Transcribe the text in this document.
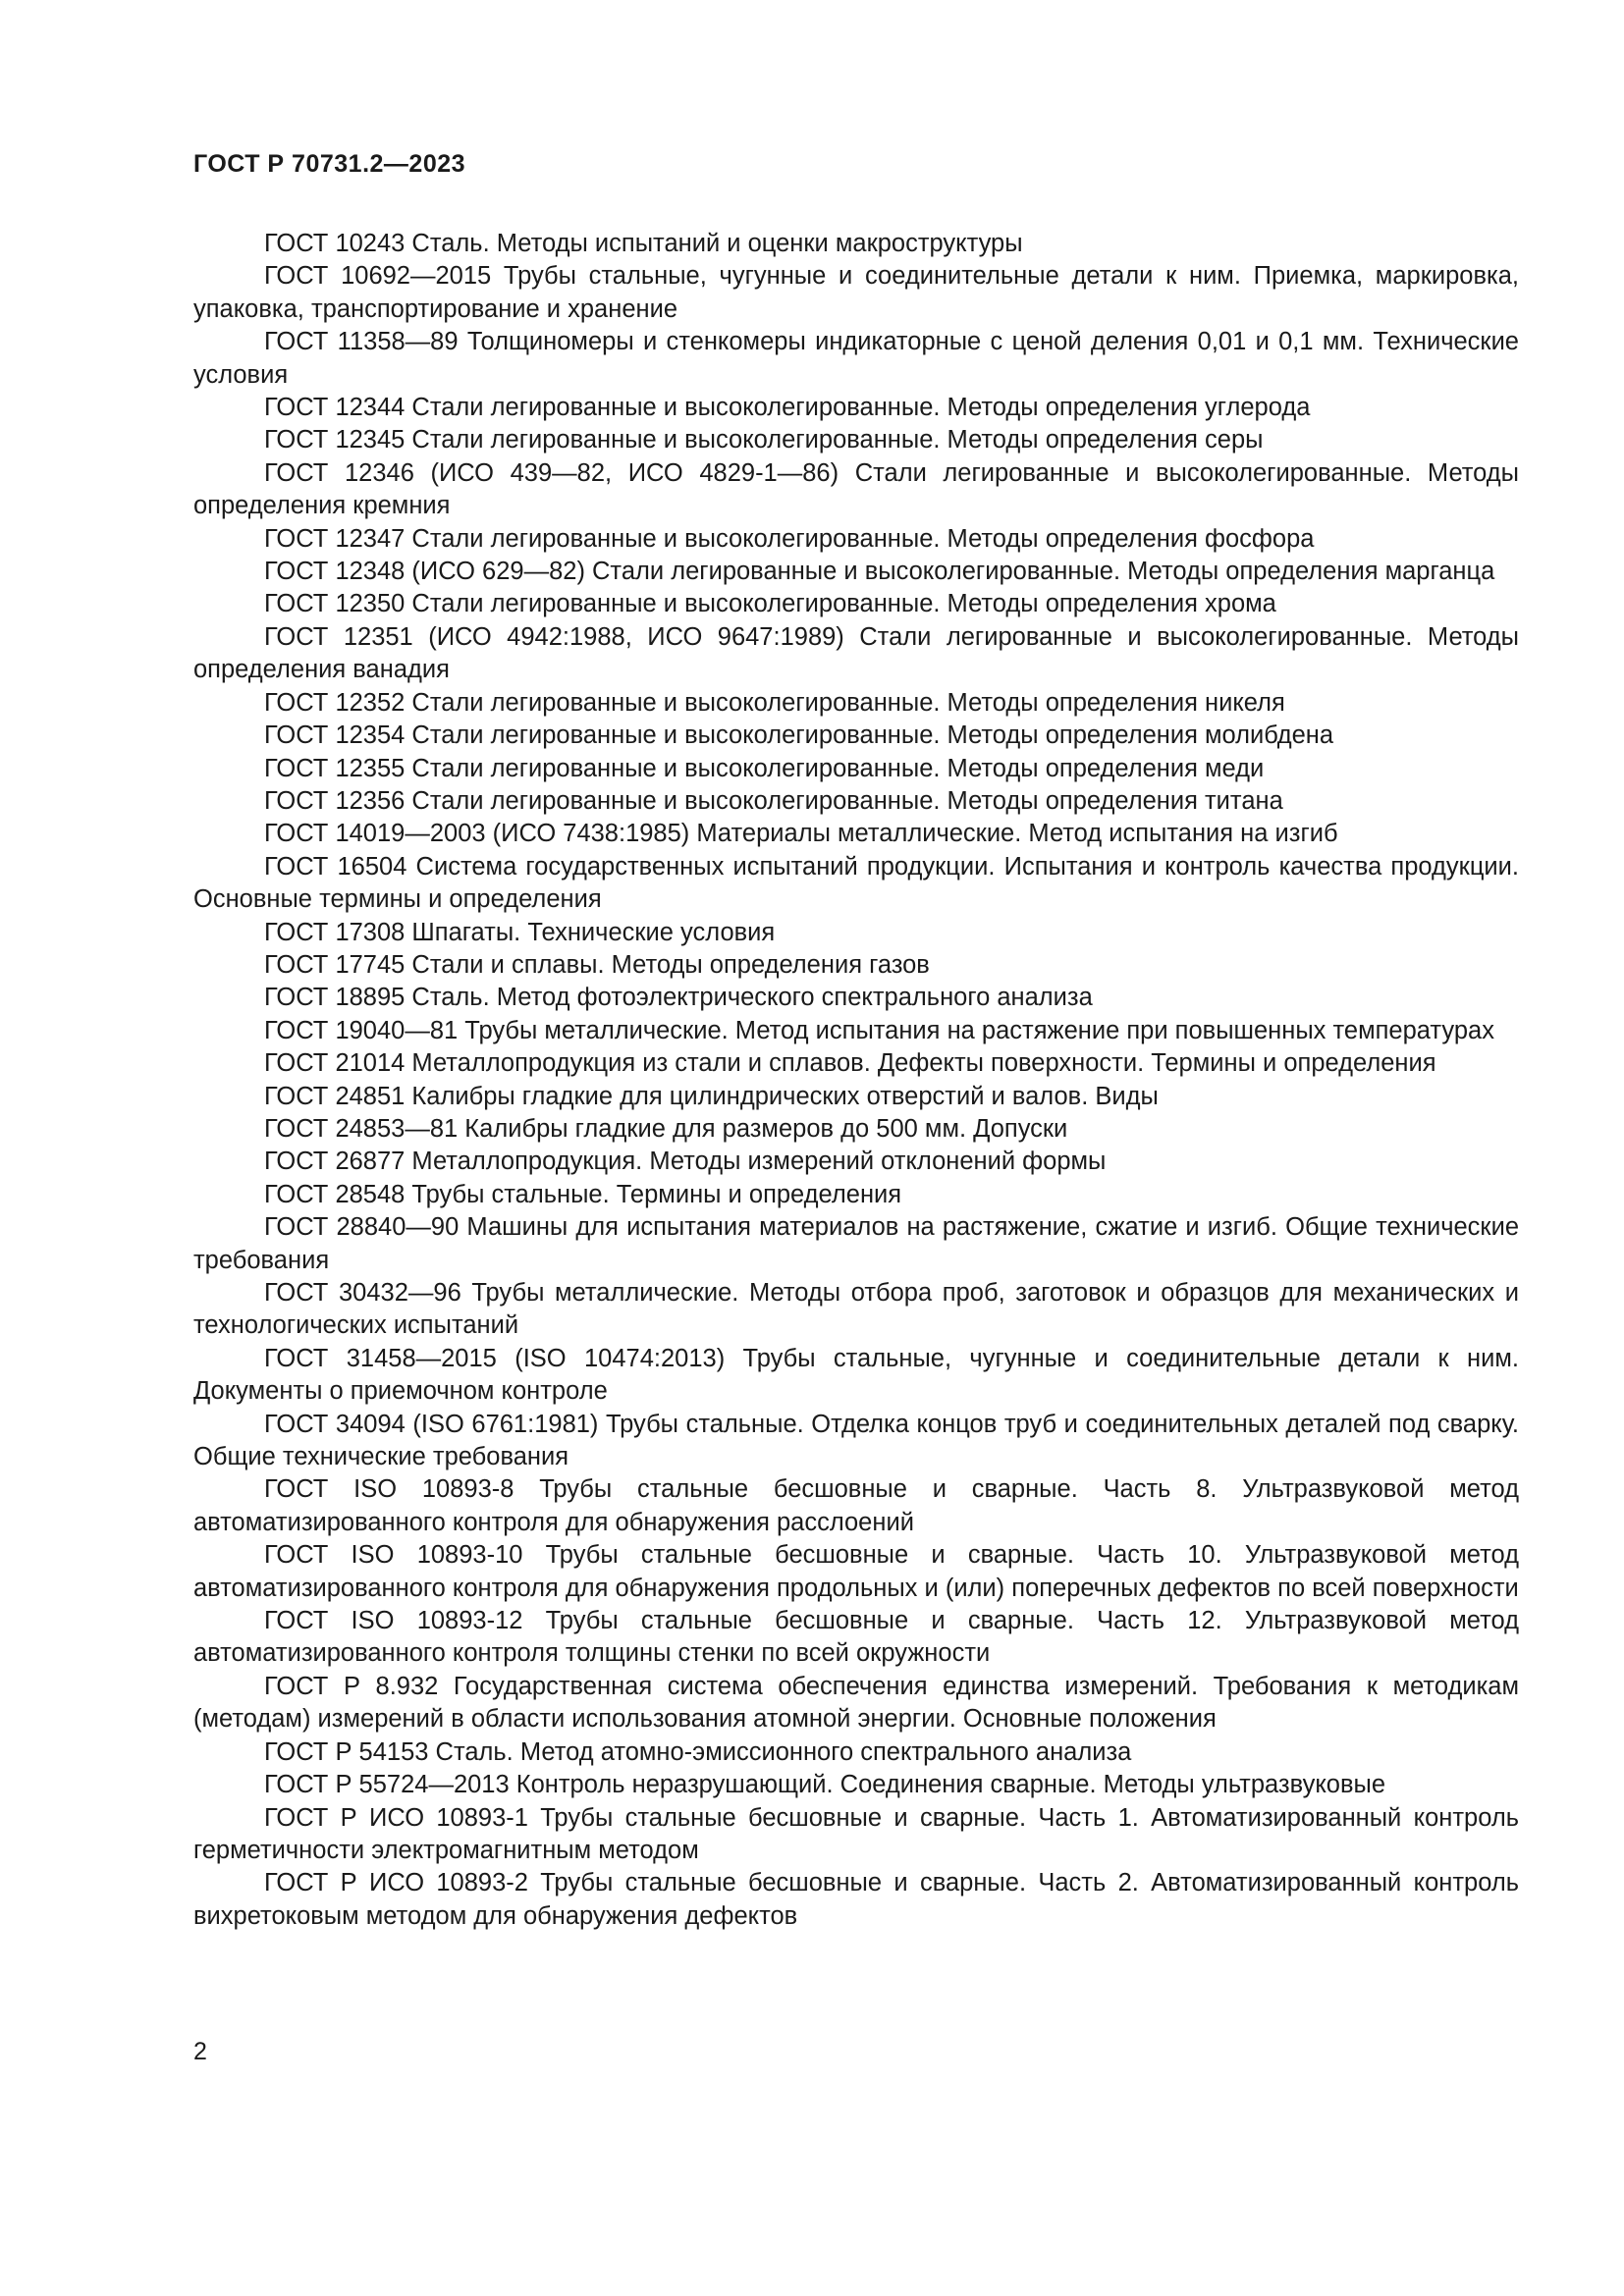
ГОСТ Р 70731.2—2023

ГОСТ 10243 Сталь. Методы испытаний и оценки макроструктуры

ГОСТ 10692—2015 Трубы стальные, чугунные и соединительные детали к ним. Приемка, маркировка, упаковка, транспортирование и хранение

ГОСТ 11358—89 Толщиномеры и стенкомеры индикаторные с ценой деления 0,01 и 0,1 мм. Технические условия

ГОСТ 12344 Стали легированные и высоколегированные. Методы определения углерода

ГОСТ 12345 Стали легированные и высоколегированные. Методы определения серы

ГОСТ 12346 (ИСО 439—82, ИСО 4829-1—86) Стали легированные и высоколегированные. Методы определения кремния

ГОСТ 12347 Стали легированные и высоколегированные. Методы определения фосфора

ГОСТ 12348 (ИСО 629—82) Стали легированные и высоколегированные. Методы определения марганца

ГОСТ 12350 Стали легированные и высоколегированные. Методы определения хрома

ГОСТ 12351 (ИСО 4942:1988, ИСО 9647:1989) Стали легированные и высоколегированные. Методы определения ванадия

ГОСТ 12352 Стали легированные и высоколегированные. Методы определения никеля

ГОСТ 12354 Стали легированные и высоколегированные. Методы определения молибдена

ГОСТ 12355 Стали легированные и высоколегированные. Методы определения меди

ГОСТ 12356 Стали легированные и высоколегированные. Методы определения титана

ГОСТ 14019—2003 (ИСО 7438:1985) Материалы металлические. Метод испытания на изгиб

ГОСТ 16504 Система государственных испытаний продукции. Испытания и контроль качества продукции. Основные термины и определения

ГОСТ 17308 Шпагаты. Технические условия

ГОСТ 17745 Стали и сплавы. Методы определения газов

ГОСТ 18895 Сталь. Метод фотоэлектрического спектрального анализа

ГОСТ 19040—81 Трубы металлические. Метод испытания на растяжение при повышенных температурах

ГОСТ 21014 Металлопродукция из стали и сплавов. Дефекты поверхности. Термины и определения

ГОСТ 24851 Калибры гладкие для цилиндрических отверстий и валов. Виды

ГОСТ 24853—81 Калибры гладкие для размеров до 500 мм. Допуски

ГОСТ 26877 Металлопродукция. Методы измерений отклонений формы

ГОСТ 28548 Трубы стальные. Термины и определения

ГОСТ 28840—90 Машины для испытания материалов на растяжение, сжатие и изгиб. Общие технические требования

ГОСТ 30432—96 Трубы металлические. Методы отбора проб, заготовок и образцов для механических и технологических испытаний

ГОСТ 31458—2015 (ISO 10474:2013) Трубы стальные, чугунные и соединительные детали к ним. Документы о приемочном контроле

ГОСТ 34094 (ISO 6761:1981) Трубы стальные. Отделка концов труб и соединительных деталей под сварку. Общие технические требования

ГОСТ ISO 10893-8 Трубы стальные бесшовные и сварные. Часть 8. Ультразвуковой метод автоматизированного контроля для обнаружения расслоений

ГОСТ ISO 10893-10 Трубы стальные бесшовные и сварные. Часть 10. Ультразвуковой метод автоматизированного контроля для обнаружения продольных и (или) поперечных дефектов по всей поверхности

ГОСТ ISO 10893-12 Трубы стальные бесшовные и сварные. Часть 12. Ультразвуковой метод автоматизированного контроля толщины стенки по всей окружности

ГОСТ Р 8.932 Государственная система обеспечения единства измерений. Требования к методикам (методам) измерений в области использования атомной энергии. Основные положения

ГОСТ Р 54153 Сталь. Метод атомно-эмиссионного спектрального анализа

ГОСТ Р 55724—2013 Контроль неразрушающий. Соединения сварные. Методы ультразвуковые

ГОСТ Р ИСО 10893-1 Трубы стальные бесшовные и сварные. Часть 1. Автоматизированный контроль герметичности электромагнитным методом

ГОСТ Р ИСО 10893-2 Трубы стальные бесшовные и сварные. Часть 2. Автоматизированный контроль вихретоковым методом для обнаружения дефектов

2
